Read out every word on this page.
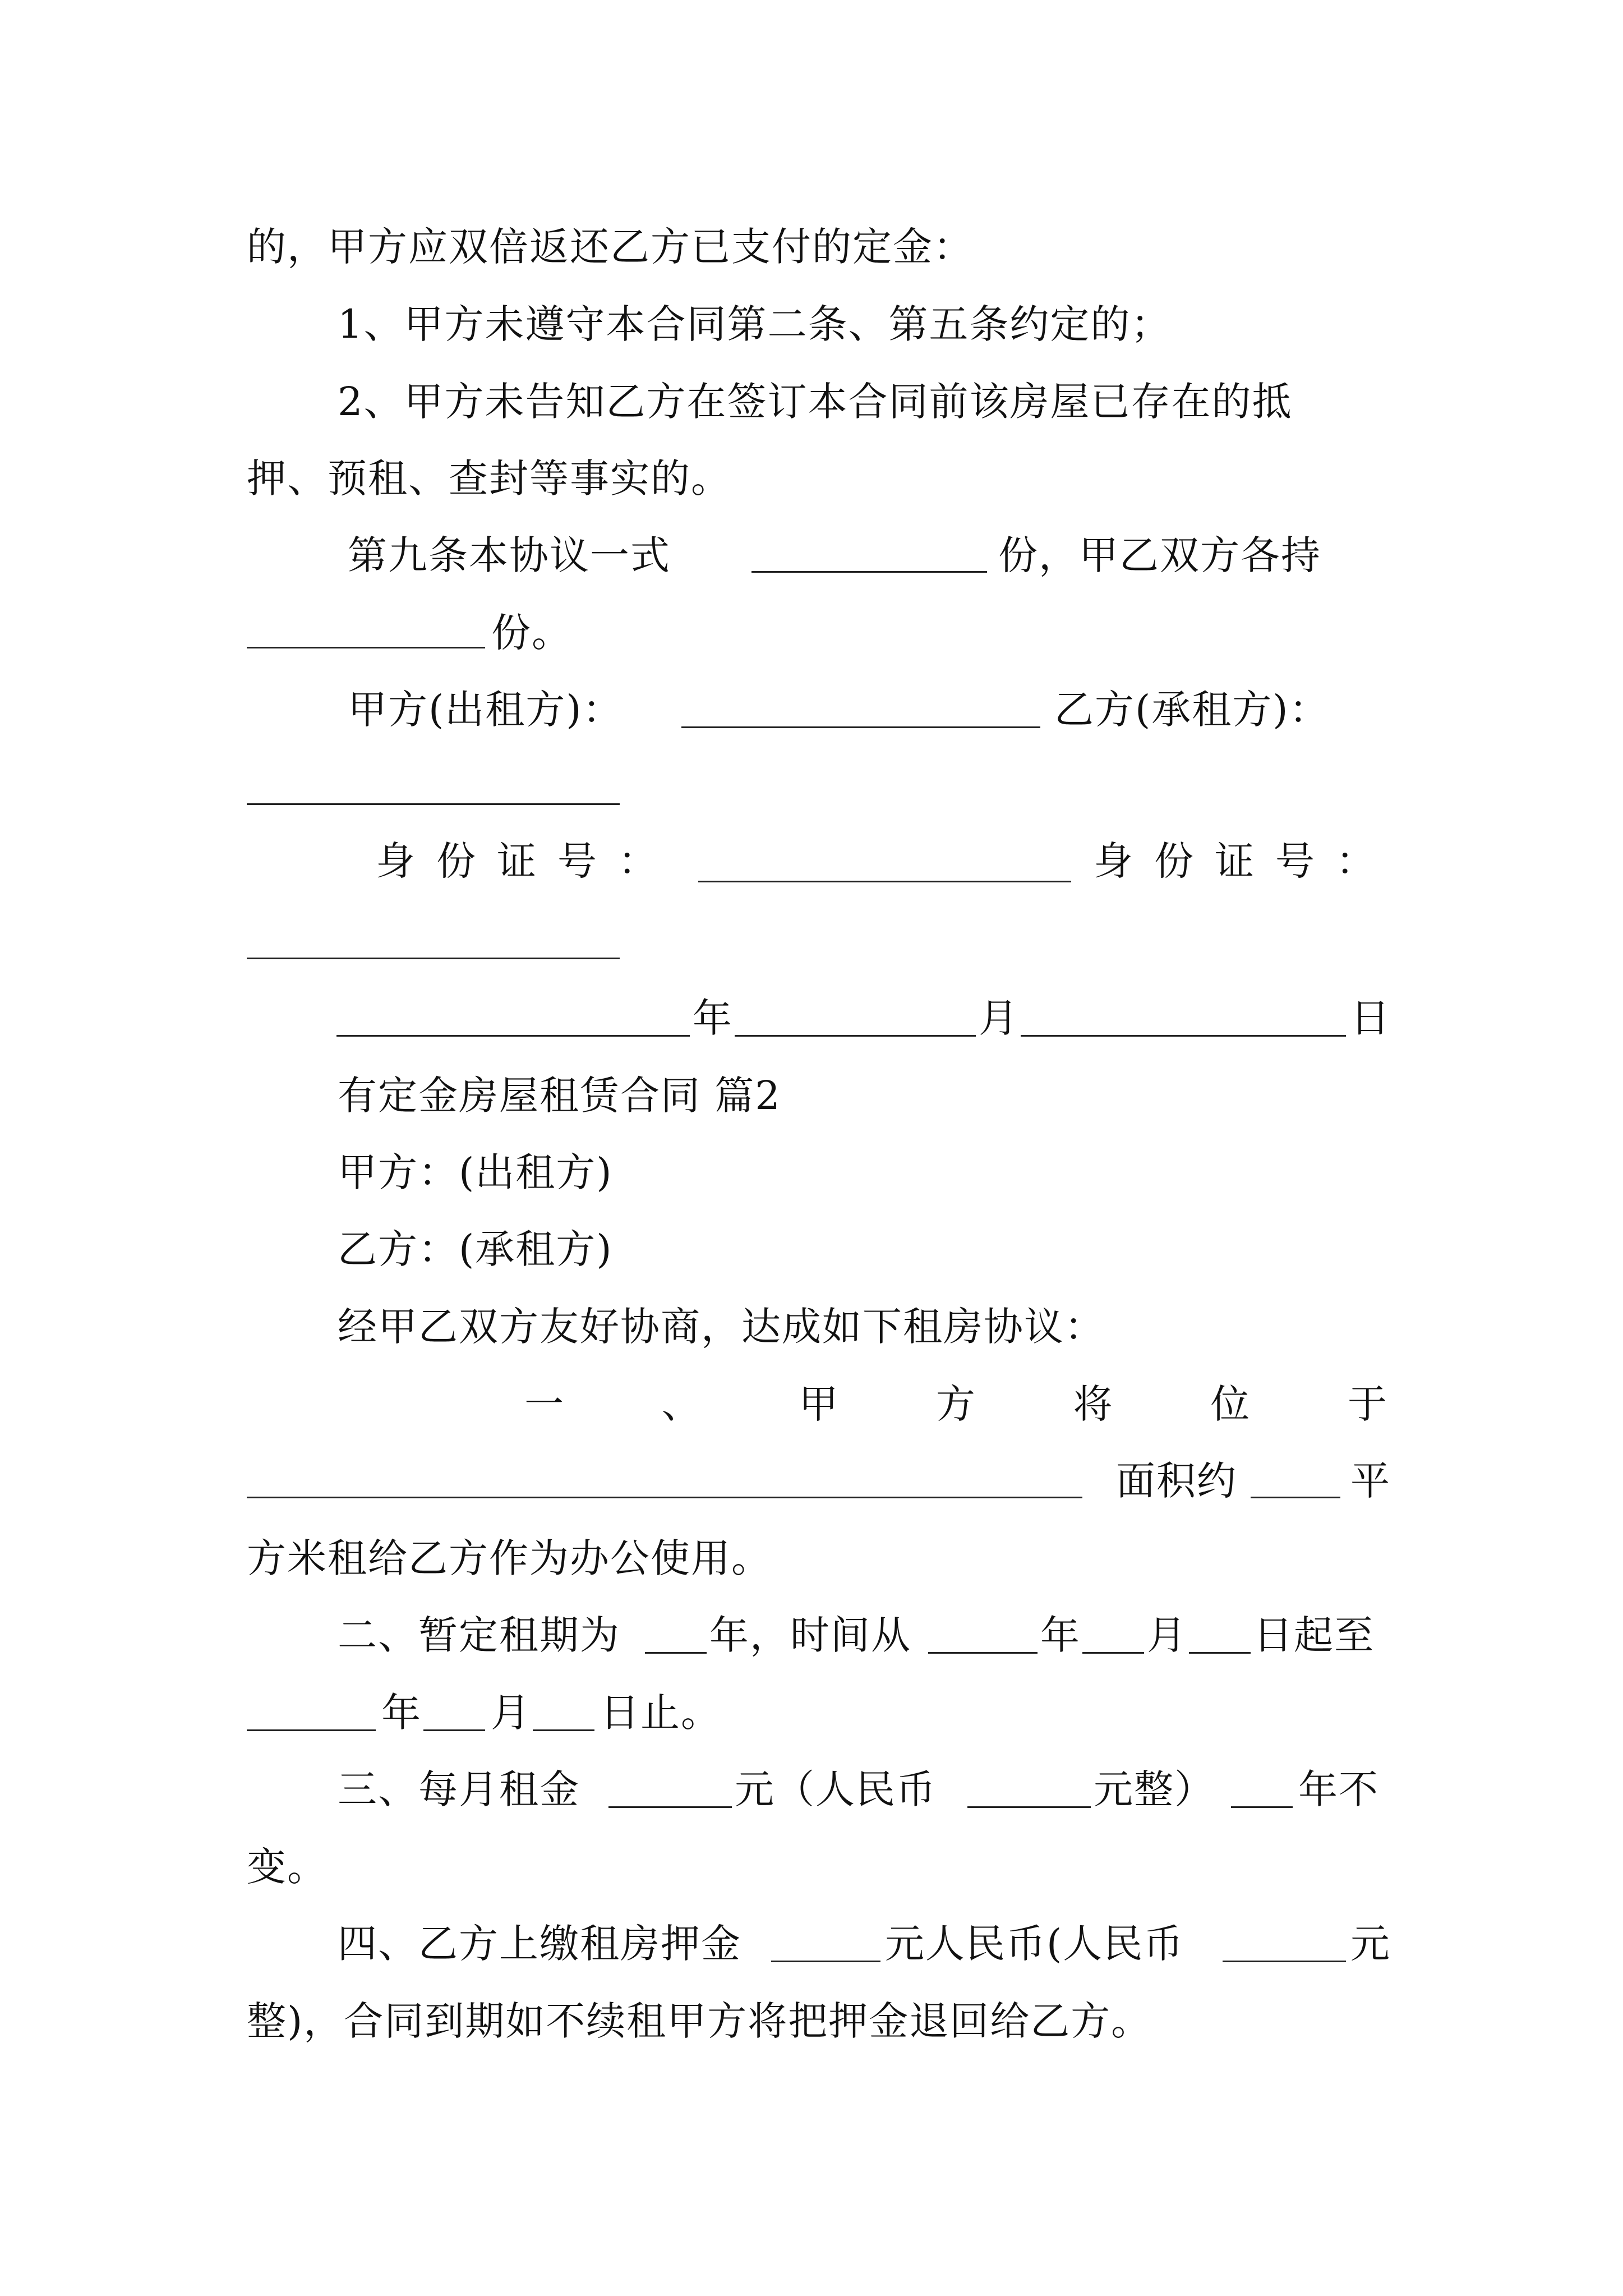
的，甲方应双倍返还乙方已支付的定金：
1、甲方未遵守本合同第二条、第五条约定的；
2、甲方未告知乙方在签订本合同前该房屋已存在的抵
押、预租、查封等事实的。
第九条本协议一式	份，甲乙双方各持
份。
甲方(出租方)：	乙方(承租方)：
身份证号：	身份证号：
年	月	日
有定金房屋租赁合同 篇2
甲方：(出租方)
乙方：(承租方)
经甲乙双方友好协商，达成如下租房协议：
一 、 甲 方 将 位 于
面积约	平
方米租给乙方作为办公使用。
二、暂定租期为 年，时间从	年 月 日起至
年 月 日止。
三、每月租金	元（人民币	元整） 年不
变。
四、乙方上缴租房押金	元人民币(人民币	元
整)，合同到期如不续租甲方将把押金退回给乙方。
